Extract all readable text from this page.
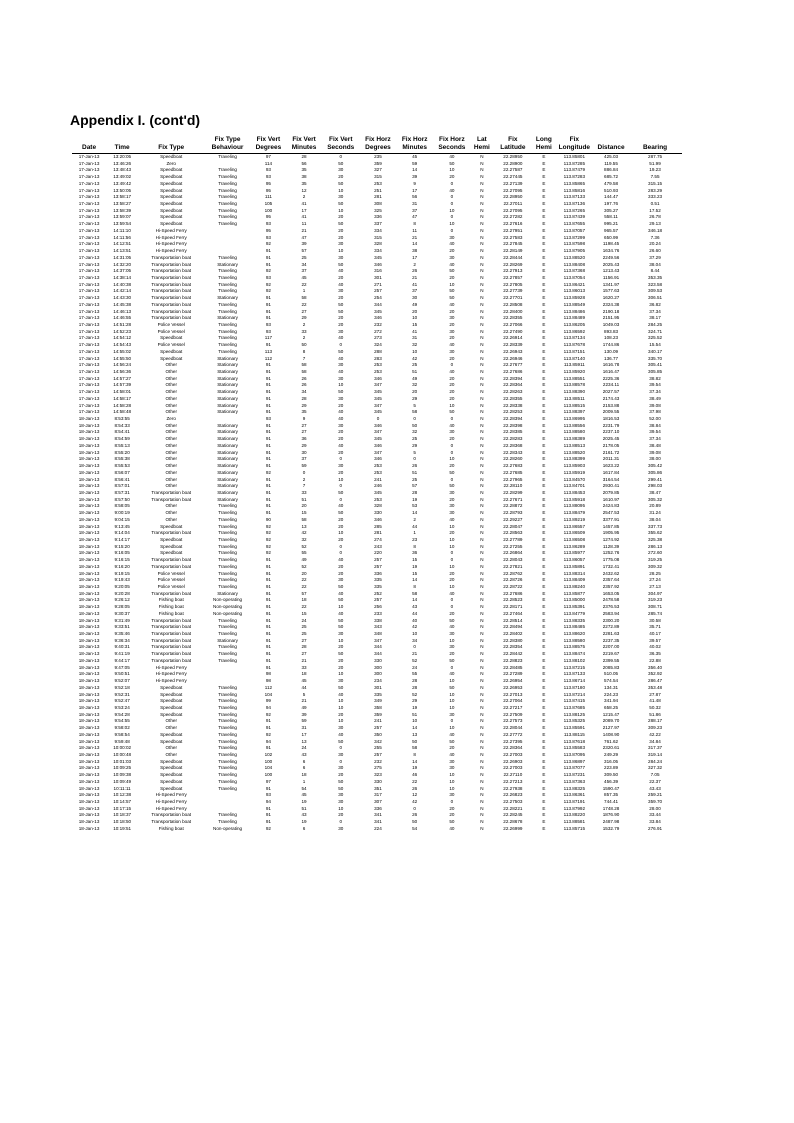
Appendix I. (cont'd)
			Fix Type	Fix Vert	Fix Vert	Fix Vert	Fix Horz	Fix Horz	Fix Horz	Lat	Fix	Long	Fix		
Date	Time	Fix Type	Behaviour	Degrees	Minutes	Seconds	Degrees	Minutes	Seconds	Hemi	Latitude	Hemi	Longitude	Distance	Bearing
17-Jan-13	13:20:05	Speedboat	Traveling	97	28	0	235	45	40	N	22.28950	E	113.85801	425.03	287.75
17-Jan-13	13:46:26	Zero		114	56	50	359	59	50	N	22.28900	E	113.87285	119.55	51.99
17-Jan-13	13:48:43	Speedboat	Traveling	93	35	30	327	14	10	N	22.27587	E	113.87479	886.84	19.23
17-Jan-13	13:49:02	Speedboat	Traveling	93	38	20	315	39	20	N	22.27445	E	113.87283	685.72	7.55
17-Jan-13	13:49:42	Speedboat	Traveling	95	35	50	253	9	0	N	22.27139	E	113.85865	479.58	315.15
17-Jan-13	13:50:05	Speedboat	Traveling	95	12	10	251	17	40	N	22.27095	E	113.85816	510.93	283.29
17-Jan-13	13:58:17	Speedboat	Traveling	111	2	30	281	56	0	N	22.28950	E	113.87133	144.47	333.23
17-Jan-13	13:58:27	Speedboat	Traveling	105	41	50	308	31	0	N	22.27011	E	113.87136	197.76	0.51
17-Jan-13	13:58:39	Speedboat	Traveling	100	17	10	325	37	10	N	22.27095	E	113.87265	305.27	17.52
17-Jan-13	13:59:07	Speedboat	Traveling	95	41	20	336	47	0	N	22.27282	E	113.87439	558.11	26.78
17-Jan-13	13:59:54	Speedboat	Traveling	93	11	50	337	8	10	N	22.27616	E	113.87655	995.21	29.13
17-Jan-13	14:11:10	Hi-Speed Ferry		95	21	20	334	11	0	N	22.27951	E	113.87057	965.57	346.18
17-Jan-13	14:11:56	Hi-Speed Ferry		93	47	20	315	21	30	N	22.27583	E	113.87299	650.99	7.36
17-Jan-13	14:12:51	Hi-Speed Ferry		92	39	30	328	14	40	N	22.27845	E	113.87598	1198.45	20.24
17-Jan-13	14:13:51	Hi-Speed Ferry		91	57	10	334	38	20	N	22.28149	E	113.87905	1634.76	26.60
17-Jan-13	14:31:05	Transportation boat	Traveling	91	25	30	345	17	30	N	22.28444	E	113.88520	2249.56	37.29
17-Jan-13	14:32:20	Transportation boat	Stationary	91	34	50	346	2	40	N	22.28269	E	113.88408	2025.43	38.04
17-Jan-13	14:37:05	Transportation boat	Traveling	92	37	40	316	26	50	N	22.27913	E	113.87368	1213.43	8.44
17-Jan-13	14:38:14	Transportation boat	Traveling	93	45	20	301	21	20	N	22.27857	E	113.87054	1156.91	353.35
17-Jan-13	14:40:38	Transportation boat	Traveling	92	22	40	271	41	10	N	22.27805	E	113.86421	1341.97	323.58
17-Jan-13	14:42:14	Transportation boat	Traveling	92	1	30	257	37	50	N	22.27739	E	113.86013	1577.63	309.53
17-Jan-13	14:43:30	Transportation boat	Stationary	91	58	20	254	30	50	N	22.27701	E	113.85928	1620.27	306.51
17-Jan-13	14:45:38	Transportation boat	Traveling	91	22	50	344	49	40	N	22.28508	E	113.88549	2324.38	36.82
17-Jan-13	14:46:13	Transportation boat	Traveling	91	27	50	345	20	20	N	22.28400	E	113.88486	2190.18	37.34
17-Jan-13	14:46:55	Transportation boat	Stationary	91	29	20	346	10	30	N	22.28355	E	113.88489	2151.95	38.17
17-Jan-13	14:51:28	Police Vessel	Traveling	93	2	20	232	15	20	N	22.27066	E	113.86205	1049.03	284.25
17-Jan-13	14:52:23	Police Vessel	Traveling	93	33	30	272	41	30	N	22.27490	E	113.86592	893.83	324.71
17-Jan-13	14:54:12	Speedboat	Traveling	117	2	40	273	31	20	N	22.26914	E	113.87134	108.23	325.52
17-Jan-13	14:54:43	Police Vessel	Traveling	91	50	0	324	32	40	N	22.28339	E	113.87678	1744.86	15.54
17-Jan-13	14:55:02	Speedboat	Traveling	113	8	50	288	10	30	N	22.26943	E	113.87151	130.09	340.17
17-Jan-13	14:55:50	Speedboat	Stationary	112	7	40	283	42	20	N	22.26946	E	113.87140	136.77	335.70
17-Jan-13	14:56:24	Other	Stationary	91	58	30	253	25	0	N	22.27677	E	113.85911	1616.78	305.41
17-Jan-13	14:56:36	Other	Stationary	91	58	40	253	51	40	N	22.27686	E	113.85920	1616.47	305.85
17-Jan-13	14:57:27	Other	Stationary	91	26	30	346	49	20	N	22.28394	E	113.88551	2225.36	38.82
17-Jan-13	14:57:39	Other	Stationary	91	26	10	347	32	20	N	22.28364	E	113.88578	2234.11	39.54
17-Jan-13	14:58:01	Other	Stationary	91	34	50	345	20	20	N	22.28263	E	113.88390	2027.57	37.34
17-Jan-13	14:58:17	Other	Stationary	91	28	30	345	29	20	N	22.28355	E	113.88511	2174.43	38.49
17-Jan-13	14:58:28	Other	Stationary	91	29	20	347	5	10	N	22.28338	E	113.88515	2153.88	39.08
17-Jan-13	14:58:48	Other	Stationary	91	35	40	345	58	50	N	22.28253	E	113.88397	2009.55	37.98
18-Jan-13	8:53:55	Zero		93	9	40	0	0	0	N	22.28394	E	113.86995	1816.53	52.00
18-Jan-13	8:54:33	Other	Stationary	91	27	30	346	50	40	N	22.28398	E	113.88556	2231.79	38.84
18-Jan-13	8:54:41	Other	Stationary	91	27	20	347	32	30	N	22.28385	E	113.88580	2237.10	39.54
18-Jan-13	8:54:59	Other	Stationary	91	36	20	345	25	20	N	22.28283	E	113.88389	2025.45	37.34
18-Jan-13	8:55:13	Other	Stationary	91	29	40	346	29	0	N	22.28368	E	113.88513	2178.05	38.48
18-Jan-13	8:55:20	Other	Stationary	91	30	20	347	5	0	N	22.28343	E	113.88520	2161.72	39.08
18-Jan-13	8:55:38	Other	Stationary	91	37	0	346	0	10	N	22.28260	E	113.88399	2011.31	38.00
18-Jan-13	8:55:53	Other	Stationary	91	59	30	253	26	20	N	22.27683	E	113.85903	1623.22	305.42
18-Jan-13	8:56:07	Other	Stationary	92	0	20	253	51	50	N	22.27685	E	113.85919	1617.84	305.86
18-Jan-13	8:56:41	Other	Stationary	91	2	10	241	25	0	N	22.27965	E	113.84570	3164.54	299.41
18-Jan-13	8:57:01	Other	Stationary	91	7	0	246	57	50	N	22.28110	E	113.84701	2930.41	298.03
18-Jan-13	8:57:31	Transportation boat	Stationary	91	33	50	345	28	30	N	22.28299	E	113.88453	2079.85	38.47
18-Jan-13	8:57:50	Transportation boat	Stationary	91	51	0	253	19	20	N	22.27671	E	113.85918	1610.97	305.32
18-Jan-13	8:58:05	Other	Traveling	91	20	40	328	53	30	N	22.28872	E	113.88095	2424.83	20.89
18-Jan-13	9:00:19	Other	Traveling	91	15	50	330	14	30	N	22.28793	E	113.88479	2547.53	31.24
18-Jan-13	9:04:15	Other	Traveling	90	58	20	346	2	40	N	22.29227	E	113.89219	3377.91	38.04
18-Jan-13	9:13:45	Speedboat	Traveling	92	13	20	285	44	10	N	22.28047	E	113.86557	1457.85	337.73
18-Jan-13	9:14:04	Transportation boat	Traveling	92	42	10	281	1	20	N	22.28563	E	113.86509	1905.95	355.62
18-Jan-13	9:14:17	Speedboat	Traveling	92	32	20	274	23	10	N	22.27789	E	113.86508	1274.92	325.38
18-Jan-13	9:15:20	Speedboat	Traveling	92	52	0	243	8	10	N	22.27255	E	113.86289	1128.39	286.13
18-Jan-13	9:16:05	Speedboat	Traveling	92	55	0	220	36	0	N	22.26864	E	113.85977	1252.76	272.60
18-Jan-13	9:16:15	Transportation boat	Traveling	91	49	40	257	15	0	N	22.28043	E	113.86057	1775.08	319.25
18-Jan-13	9:16:20	Transportation boat	Traveling	91	52	20	257	19	10	N	22.27821	E	113.85891	1732.41	309.32
18-Jan-13	9:19:15	Police Vessel	Traveling	91	20	20	336	15	20	N	22.28762	E	113.88314	2432.62	28.25
18-Jan-13	9:19:43	Police Vessel	Traveling	91	22	30	335	14	20	N	22.28726	E	113.88409	2357.64	27.24
18-Jan-13	9:20:05	Police Vessel	Traveling	91	22	50	335	8	10	N	22.28722	E	113.88240	2357.92	27.13
18-Jan-13	9:20:28	Transportation boat	Stationary	91	57	40	252	58	40	N	22.27686	E	113.85877	1653.05	304.97
18-Jan-13	9:26:12	Fishing boat	Non-operating	91	18	50	257	14	0	N	22.28523	E	113.85000	2478.58	319.23
18-Jan-13	9:28:05	Fishing boat	Non-operating	91	22	10	256	43	0	N	22.28171	E	113.85391	2376.53	308.71
18-Jan-13	9:30:37	Fishing boat	Non-operating	91	15	40	233	44	20	N	22.27464	E	113.84779	2583.94	285.74
18-Jan-13	9:31:49	Transportation boat	Traveling	91	24	50	338	40	50	N	22.28514	E	113.88335	2300.20	30.58
18-Jan-13	9:33:51	Transportation boat	Traveling	91	25	50	343	42	40	N	22.28494	E	113.88485	2272.89	35.71
18-Jan-13	9:35:46	Transportation boat	Traveling	91	25	30	348	10	30	N	22.28402	E	113.88620	2281.63	40.17
18-Jan-13	9:36:34	Transportation boat	Stationary	91	27	10	347	34	10	N	22.28380	E	113.88580	2237.35	39.57
18-Jan-13	9:40:31	Transportation boat	Traveling	91	28	20	344	0	30	N	22.28354	E	113.88575	2207.00	40.02
18-Jan-13	9:41:19	Transportation boat	Traveling	91	27	50	344	21	20	N	22.28442	E	113.88474	2219.67	36.35
18-Jan-13	9:44:17	Transportation boat	Traveling	91	21	20	330	52	50	N	22.28823	E	113.88102	2399.55	22.88
18-Jan-13	9:47:05	Hi-Speed Ferry		91	33	20	300	24	0	N	22.28485	E	113.87215	2085.83	356.40
18-Jan-13	9:50:51	Hi-Speed Ferry		98	18	10	300	55	40	N	22.27289	E	113.87133	510.05	352.92
18-Jan-13	9:52:07	Hi-Speed Ferry		98	45	30	234	28	10	N	22.26954	E	113.86714	574.54	286.47
18-Jan-13	9:52:18	Speedboat	Traveling	112	44	50	301	28	50	N	22.26953	E	113.87180	134.31	353.48
18-Jan-13	9:52:31	Speedboat	Traveling	104	5	40	335	52	10	N	22.27013	E	113.87214	224.23	27.87
18-Jan-13	9:52:47	Speedboat	Traveling	99	21	10	349	29	10	N	22.27064	E	113.87415	341.94	41.48
18-Jan-13	9:53:24	Speedboat	Traveling	94	49	10	358	19	10	N	22.27217	E	113.87685	658.25	50.32
18-Jan-13	9:54:28	Speedboat	Traveling	92	39	20	359	51	30	N	22.27509	E	113.88125	1215.47	51.86
18-Jan-13	9:54:55	Other	Traveling	91	59	10	241	10	0	N	22.27573	E	113.85325	2089.70	288.17
18-Jan-13	9:58:02	Other	Traveling	91	31	30	257	14	10	N	22.28044	E	113.85591	2127.97	309.23
18-Jan-13	9:58:54	Speedboat	Traveling	92	17	40	350	13	40	N	22.27772	E	113.88115	1408.90	42.22
18-Jan-13	9:59:48	Speedboat	Traveling	94	13	50	342	50	50	N	22.27395	E	113.87618	761.62	34.84
18-Jan-13	10:00:02	Other	Traveling	91	24	0	255	58	20	N	22.28364	E	113.85583	2320.61	317.37
18-Jan-13	10:00:48	Other	Traveling	102	43	30	257	8	40	N	22.27003	E	113.87095	249.29	319.14
18-Jan-13	10:01:03	Speedboat	Traveling	100	6	0	232	14	30	N	22.26903	E	113.86897	316.05	284.24
18-Jan-13	10:09:25	Speedboat	Traveling	104	6	30	275	19	30	N	22.27003	E	113.87077	223.89	327.32
18-Jan-13	10:09:38	Speedboat	Traveling	100	18	20	323	46	10	N	22.27110	E	113.87231	309.50	7.05
18-Jan-13	10:09:49	Speedboat	Traveling	97	1	50	330	22	10	N	22.27213	E	113.87363	456.39	22.37
18-Jan-13	10:11:11	Speedboat	Traveling	91	54	50	351	26	10	N	22.27938	E	113.88325	1590.47	43.43
18-Jan-13	10:12:38	Hi-Speed Ferry		93	45	30	317	12	30	N	22.26823	E	113.86361	857.35	259.21
18-Jan-13	10:14:57	Hi-Speed Ferry		94	19	30	307	42	0	N	22.27503	E	113.87191	744.41	359.70
18-Jan-13	10:17:15	Hi-Speed Ferry		91	51	10	336	0	20	N	22.28221	E	113.87992	1748.28	28.00
18-Jan-13	10:18:37	Transportation boat	Traveling	91	43	20	341	26	20	N	22.28245	E	113.88220	1876.90	33.44
18-Jan-13	10:18:50	Transportation boat	Traveling	91	19	0	341	50	50	N	22.28678	E	113.88581	2487.98	33.84
18-Jan-13	10:19:51	Fishing boat	Non-operating	92	6	30	224	54	40	N	22.26999	E	113.85715	1532.79	276.91
